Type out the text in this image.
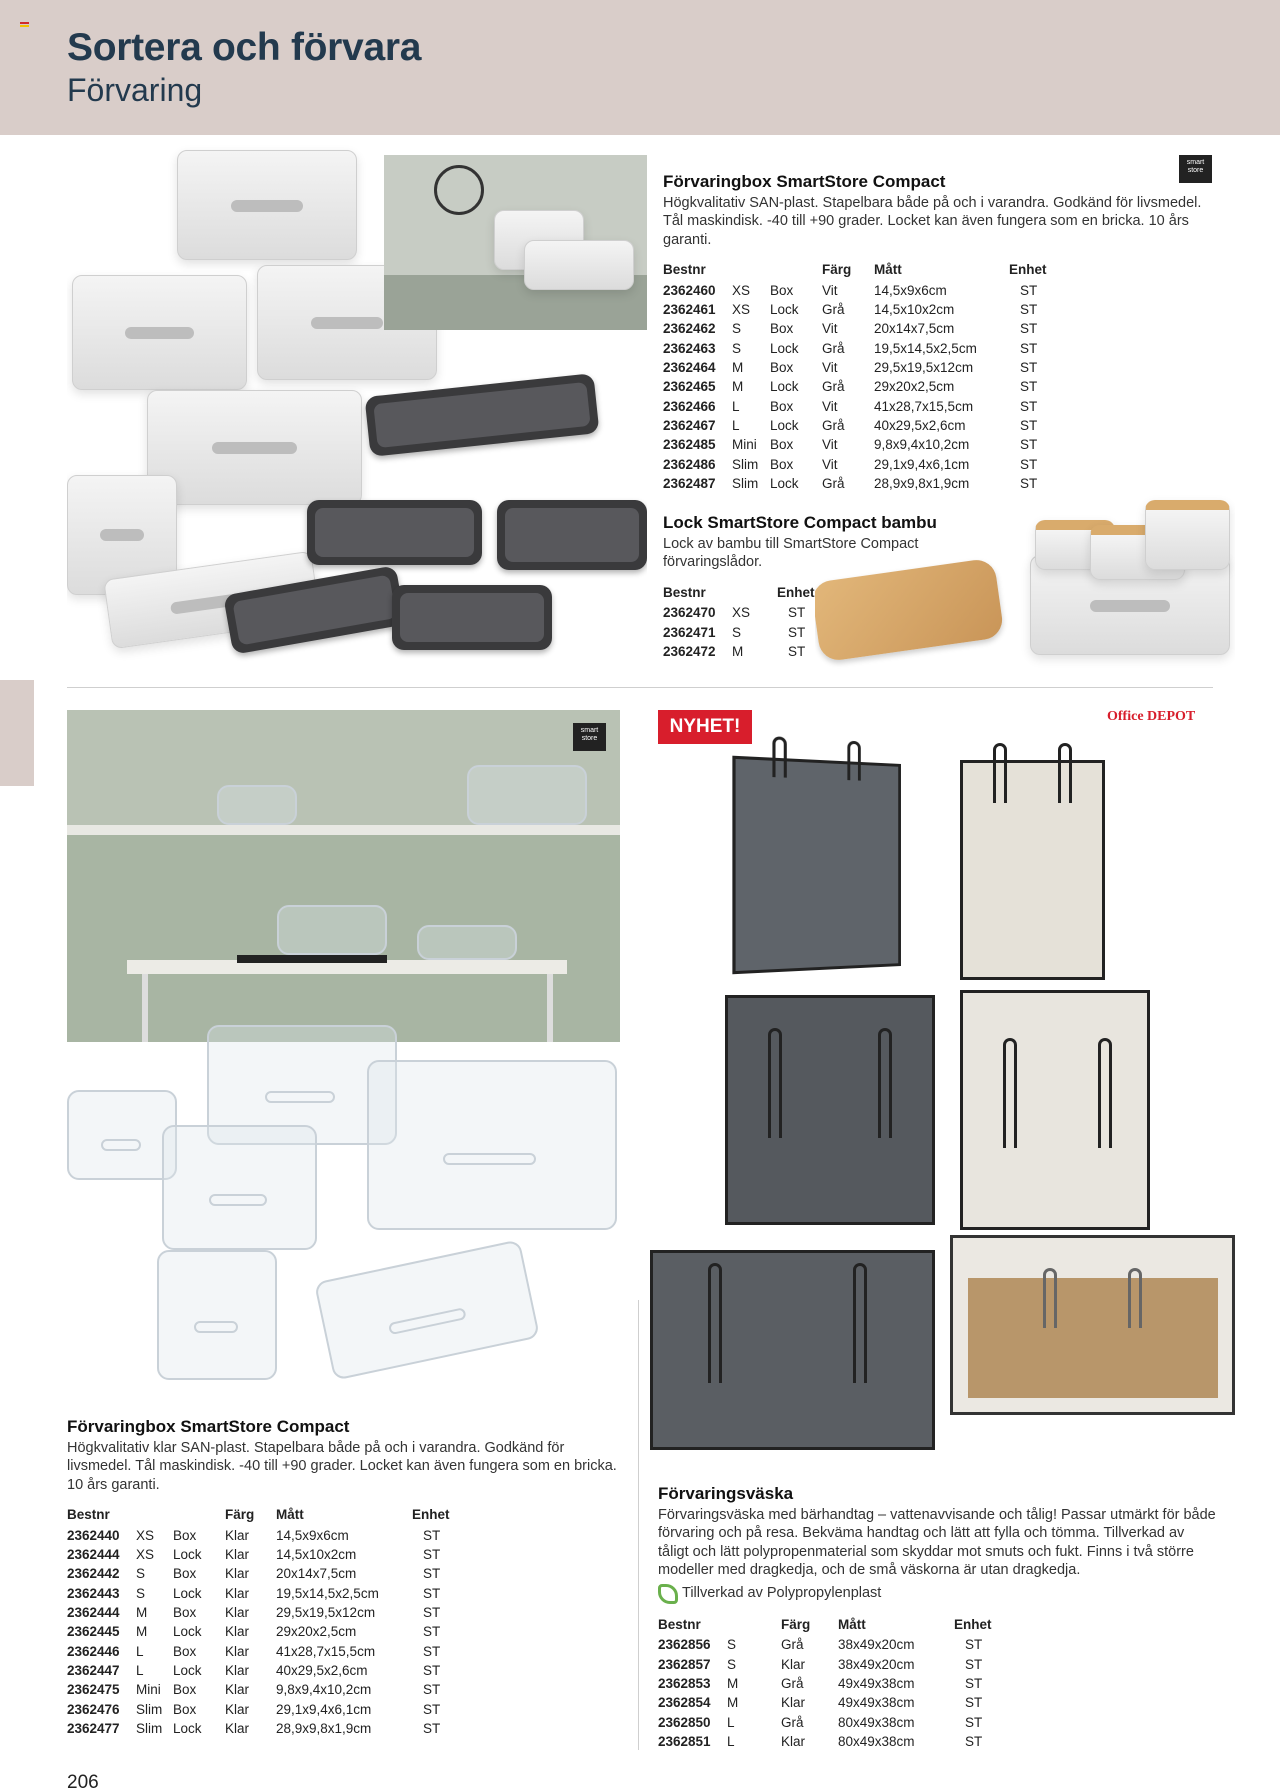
Sortera och förvara
Förvaring
smart
store
Förvaringbox SmartStore Compact
Högkvalitativ SAN-plast. Stapelbara både på och i varandra. Godkänd för livsmedel. Tål maskindisk. -40 till +90 grader. Locket kan även fungera som en bricka. 10 års garanti.
Bestnr			Färg	Mått	Enhet
2362460	XS	Box	Vit	14,5x9x6cm	ST
2362461	XS	Lock	Grå	14,5x10x2cm	ST
2362462	S	Box	Vit	20x14x7,5cm	ST
2362463	S	Lock	Grå	19,5x14,5x2,5cm	ST
2362464	M	Box	Vit	29,5x19,5x12cm	ST
2362465	M	Lock	Grå	29x20x2,5cm	ST
2362466	L	Box	Vit	41x28,7x15,5cm	ST
2362467	L	Lock	Grå	40x29,5x2,6cm	ST
2362485	Mini	Box	Vit	9,8x9,4x10,2cm	ST
2362486	Slim	Box	Vit	29,1x9,4x6,1cm	ST
2362487	Slim	Lock	Grå	28,9x9,8x1,9cm	ST
Lock SmartStore Compact bambu
Lock av bambu till SmartStore Compact förvaringslådor.
Bestnr		Enhet
2362470	XS	ST
2362471	S	ST
2362472	M	ST
smart
store
Förvaringbox SmartStore Compact
Högkvalitativ klar SAN-plast. Stapelbara både på och i varandra. Godkänd för livsmedel. Tål maskindisk. -40 till +90 grader. Locket kan även fungera som en bricka.
10 års garanti.
Bestnr			Färg	Mått	Enhet
2362440	XS	Box	Klar	14,5x9x6cm	ST
2362444	XS	Lock	Klar	14,5x10x2cm	ST
2362442	S	Box	Klar	20x14x7,5cm	ST
2362443	S	Lock	Klar	19,5x14,5x2,5cm	ST
2362444	M	Box	Klar	29,5x19,5x12cm	ST
2362445	M	Lock	Klar	29x20x2,5cm	ST
2362446	L	Box	Klar	41x28,7x15,5cm	ST
2362447	L	Lock	Klar	40x29,5x2,6cm	ST
2362475	Mini	Box	Klar	9,8x9,4x10,2cm	ST
2362476	Slim	Box	Klar	29,1x9,4x6,1cm	ST
2362477	Slim	Lock	Klar	28,9x9,8x1,9cm	ST
NYHET!	Office DEPOT
Förvaringsväska
Förvaringsväska med bärhandtag – vattenavvisande och tålig! Passar utmärkt för både förvaring och på resa. Bekväma handtag och lätt att fylla och tömma. Tillverkad av tåligt och lätt polypropenmaterial som skyddar mot smuts och fukt. Finns i två större modeller med dragkedja, och de små väskorna är utan dragkedja.
Tillverkad av Polypropylenplast
Bestnr		Färg	Mått	Enhet
2362856	S	Grå	38x49x20cm	ST
2362857	S	Klar	38x49x20cm	ST
2362853	M	Grå	49x49x38cm	ST
2362854	M	Klar	49x49x38cm	ST
2362850	L	Grå	80x49x38cm	ST
2362851	L	Klar	80x49x38cm	ST
206
